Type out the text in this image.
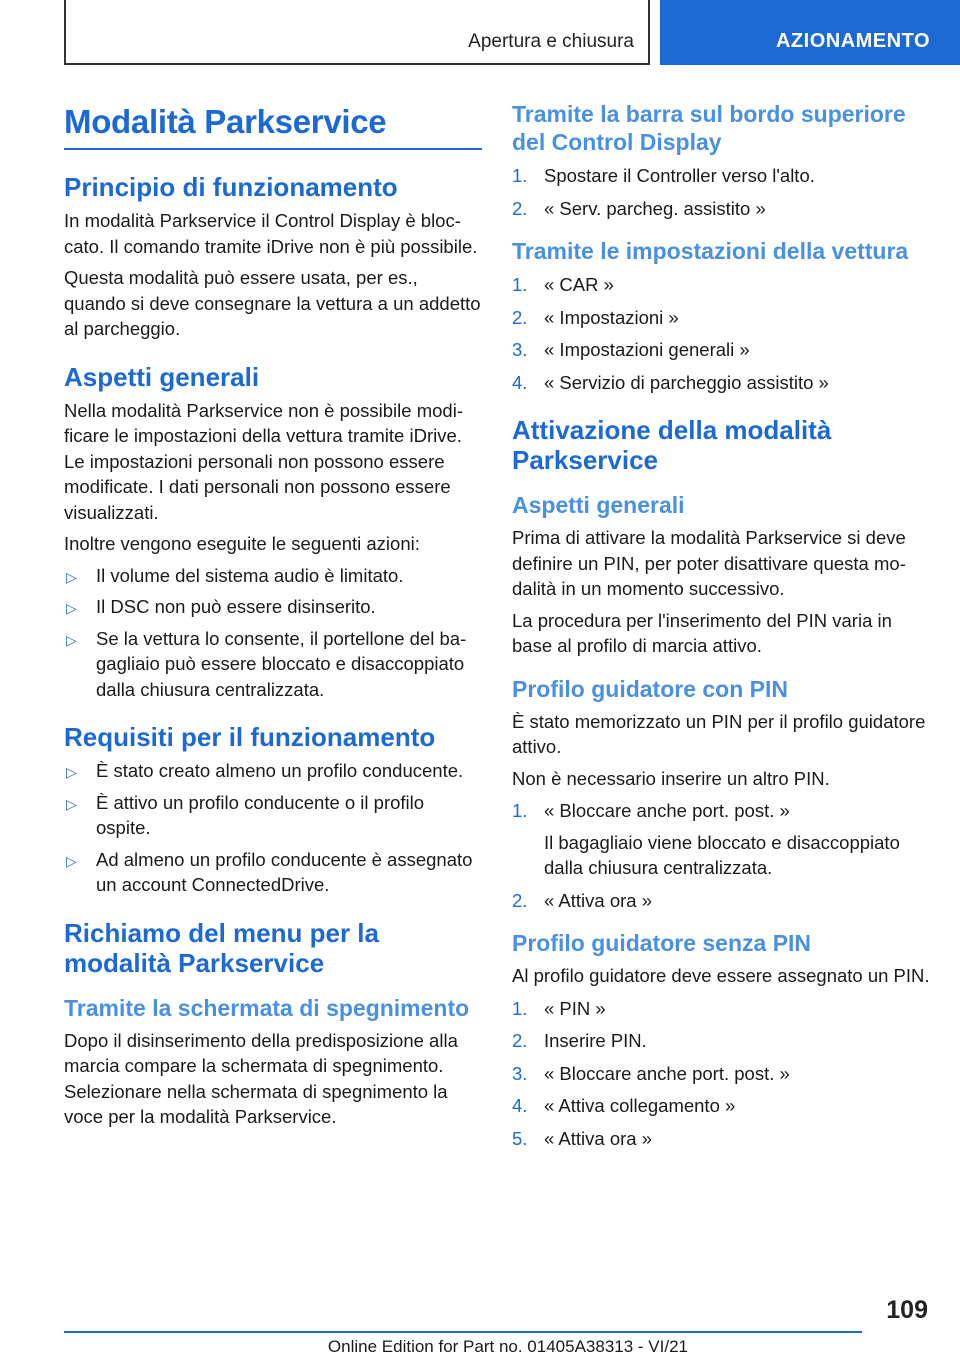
Apertura e chiusura	AZIONAMENTO
Modalità Parkservice
Principio di funzionamento

In modalità Parkservice il Control Display è bloccato. Il comando tramite iDrive non è più possibile.

Questa modalità può essere usata, per es., quando si deve consegnare la vettura a un addetto al parcheggio.

Aspetti generali

Nella modalità Parkservice non è possibile modificare le impostazioni della vettura tramite iDrive. Le impostazioni personali non possono essere modificate. I dati personali non possono essere visualizzati.

Inoltre vengono eseguite le seguenti azioni:

▷ Il volume del sistema audio è limitato.
▷ Il DSC non può essere disinserito.
▷ Se la vettura lo consente, il portellone del bagagliaio può essere bloccato e disaccoppiato dalla chiusura centralizzata.
Requisiti per il funzionamento
▷ È stato creato almeno un profilo conducente.
▷ È attivo un profilo conducente o il profilo ospite.
▷ Ad almeno un profilo conducente è assegnato un account ConnectedDrive.
Richiamo del menu per la modalità Parkservice
Tramite la schermata di spegnimento

Dopo il disinserimento della predisposizione alla marcia compare la schermata di spegnimento. Selezionare nella schermata di spegnimento la voce per la modalità Parkservice.

Tramite la barra sul bordo superiore del Control Display
1. Spostare il Controller verso l'alto.
2. « Serv. parcheg. assistito »
Tramite le impostazioni della vettura
1. « CAR »
2. « Impostazioni »
3. « Impostazioni generali »
4. « Servizio di parcheggio assistito »
Attivazione della modalità Parkservice
Aspetti generali

Prima di attivare la modalità Parkservice si deve definire un PIN, per poter disattivare questa modalità in un momento successivo.

La procedura per l'inserimento del PIN varia in base al profilo di marcia attivo.

Profilo guidatore con PIN

È stato memorizzato un PIN per il profilo guidatore attivo.

Non è necessario inserire un altro PIN.

1. « Bloccare anche port. post. »
Il bagagliaio viene bloccato e disaccoppiato dalla chiusura centralizzata.
2. « Attiva ora »
Profilo guidatore senza PIN

Al profilo guidatore deve essere assegnato un PIN.

1. « PIN »
2. Inserire PIN.
3. « Bloccare anche port. post. »
4. « Attiva collegamento »
5. « Attiva ora »
109
Online Edition for Part no. 01405A38313 - VI/21
